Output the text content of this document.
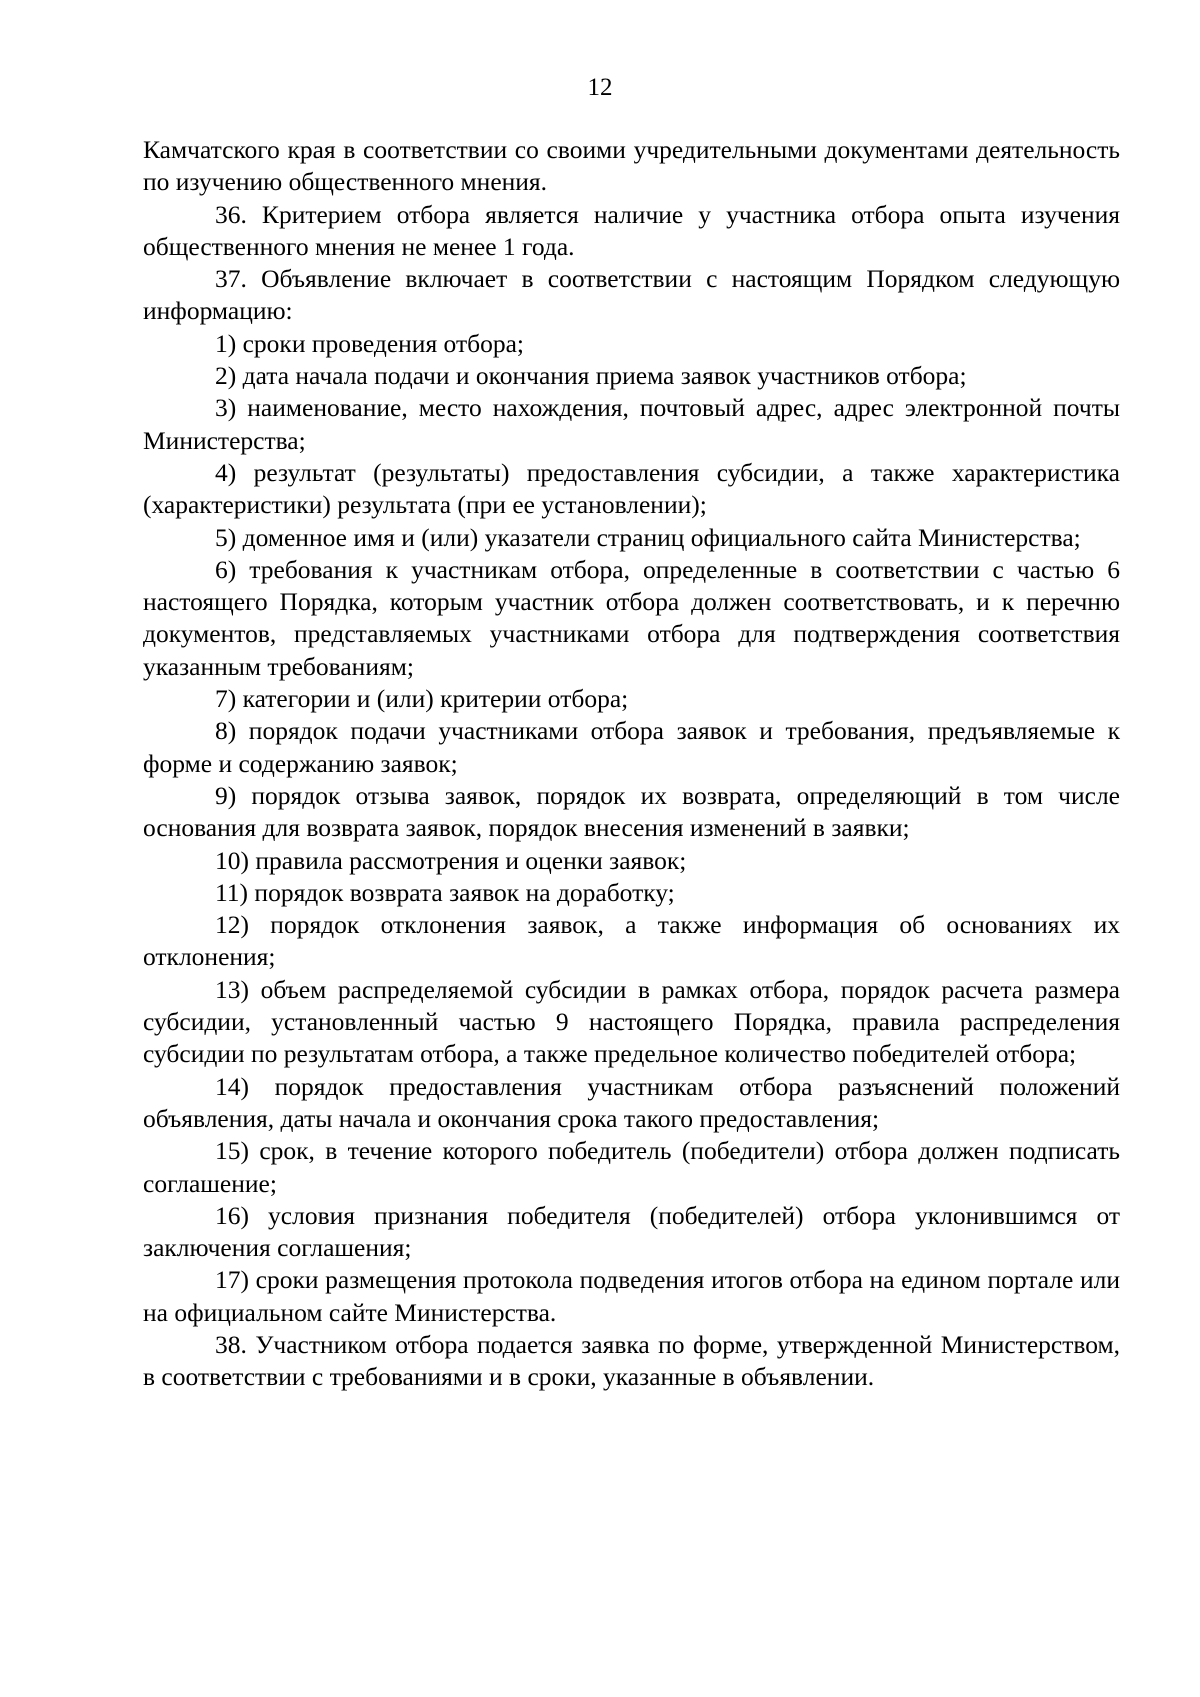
12

Камчатского края в соответствии со своими учредительными документами деятельность по изучению общественного мнения.

36. Критерием отбора является наличие у участника отбора опыта изучения общественного мнения не менее 1 года.

37. Объявление включает в соответствии с настоящим Порядком следующую информацию:

1) сроки проведения отбора;

2) дата начала подачи и окончания приема заявок участников отбора;

3) наименование, место нахождения, почтовый адрес, адрес электронной почты Министерства;

4) результат (результаты) предоставления субсидии, а также характеристика (характеристики) результата (при ее установлении);

5) доменное имя и (или) указатели страниц официального сайта Министерства;

6) требования к участникам отбора, определенные в соответствии с частью 6 настоящего Порядка, которым участник отбора должен соответствовать, и к перечню документов, представляемых участниками отбора для подтверждения соответствия указанным требованиям;

7) категории и (или) критерии отбора;

8) порядок подачи участниками отбора заявок и требования, предъявляемые к форме и содержанию заявок;

9) порядок отзыва заявок, порядок их возврата, определяющий в том числе основания для возврата заявок, порядок внесения изменений в заявки;

10) правила рассмотрения и оценки заявок;

11) порядок возврата заявок на доработку;

12) порядок отклонения заявок, а также информация об основаниях их отклонения;

13) объем распределяемой субсидии в рамках отбора, порядок расчета размера субсидии, установленный частью 9 настоящего Порядка, правила распределения субсидии по результатам отбора, а также предельное количество победителей отбора;

14) порядок предоставления участникам отбора разъяснений положений объявления, даты начала и окончания срока такого предоставления;

15) срок, в течение которого победитель (победители) отбора должен подписать соглашение;

16) условия признания победителя (победителей) отбора уклонившимся от заключения соглашения;

17) сроки размещения протокола подведения итогов отбора на едином портале или на официальном сайте Министерства.

38. Участником отбора подается заявка по форме, утвержденной Министерством, в соответствии с требованиями и в сроки, указанные в объявлении.
